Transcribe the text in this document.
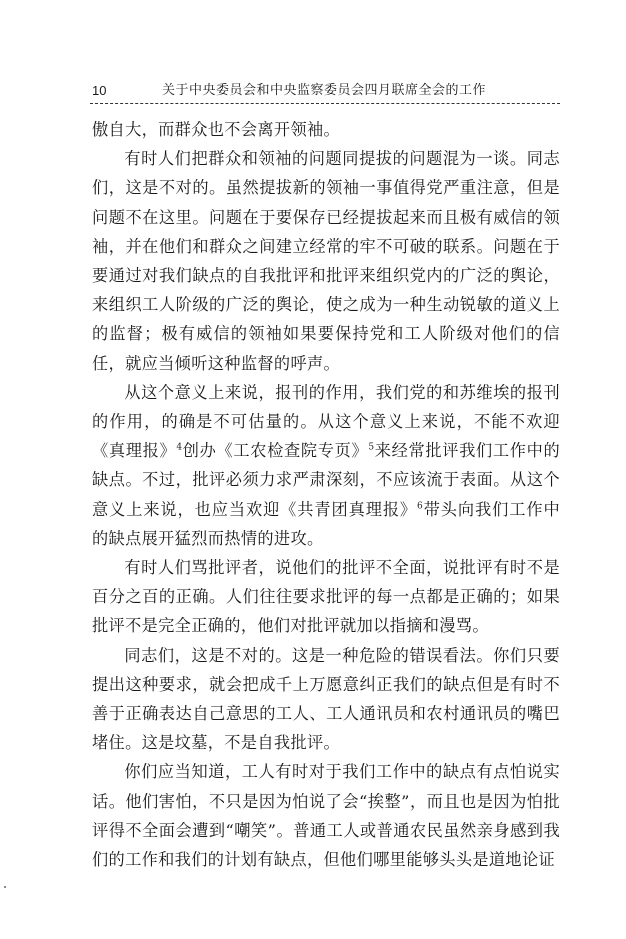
10	关于中央委员会和中央监察委员会四月联席全会的工作

傲自大，而群众也不会离开领袖。

有时人们把群众和领袖的问题同提拔的问题混为一谈。同志们，这是不对的。虽然提拔新的领袖一事值得党严重注意，但是问题不在这里。问题在于要保存已经提拔起来而且极有威信的领袖，并在他们和群众之间建立经常的牢不可破的联系。问题在于要通过对我们缺点的自我批评和批评来组织党内的广泛的舆论，来组织工人阶级的广泛的舆论，使之成为一种生动锐敏的道义上的监督；极有威信的领袖如果要保持党和工人阶级对他们的信任，就应当倾听这种监督的呼声。

从这个意义上来说，报刊的作用，我们党的和苏维埃的报刊的作用，的确是不可估量的。从这个意义上来说，不能不欢迎《真理报》$^4$创办《工农检查院专页》$^5$来经常批评我们工作中的缺点。不过，批评必须力求严肃深刻，不应该流于表面。从这个意义上来说，也应当欢迎《共青团真理报》$^6$带头向我们工作中的缺点展开猛烈而热情的进攻。

有时人们骂批评者，说他们的批评不全面，说批评有时不是百分之百的正确。人们往往要求批评的每一点都是正确的；如果批评不是完全正确的，他们对批评就加以指摘和漫骂。

同志们，这是不对的。这是一种危险的错误看法。你们只要提出这种要求，就会把成千上万愿意纠正我们的缺点但是有时不善于正确表达自己意思的工人、工人通讯员和农村通讯员的嘴巴堵住。这是坟墓，不是自我批评。

你们应当知道，工人有时对于我们工作中的缺点有点怕说实话。他们害怕，不只是因为怕说了会“挨整”，而且也是因为怕批评得不全面会遭到“嘲笑”。普通工人或普通农民虽然亲身感到我们的工作和我们的计划有缺点，但他们哪里能够头头是道地论证
